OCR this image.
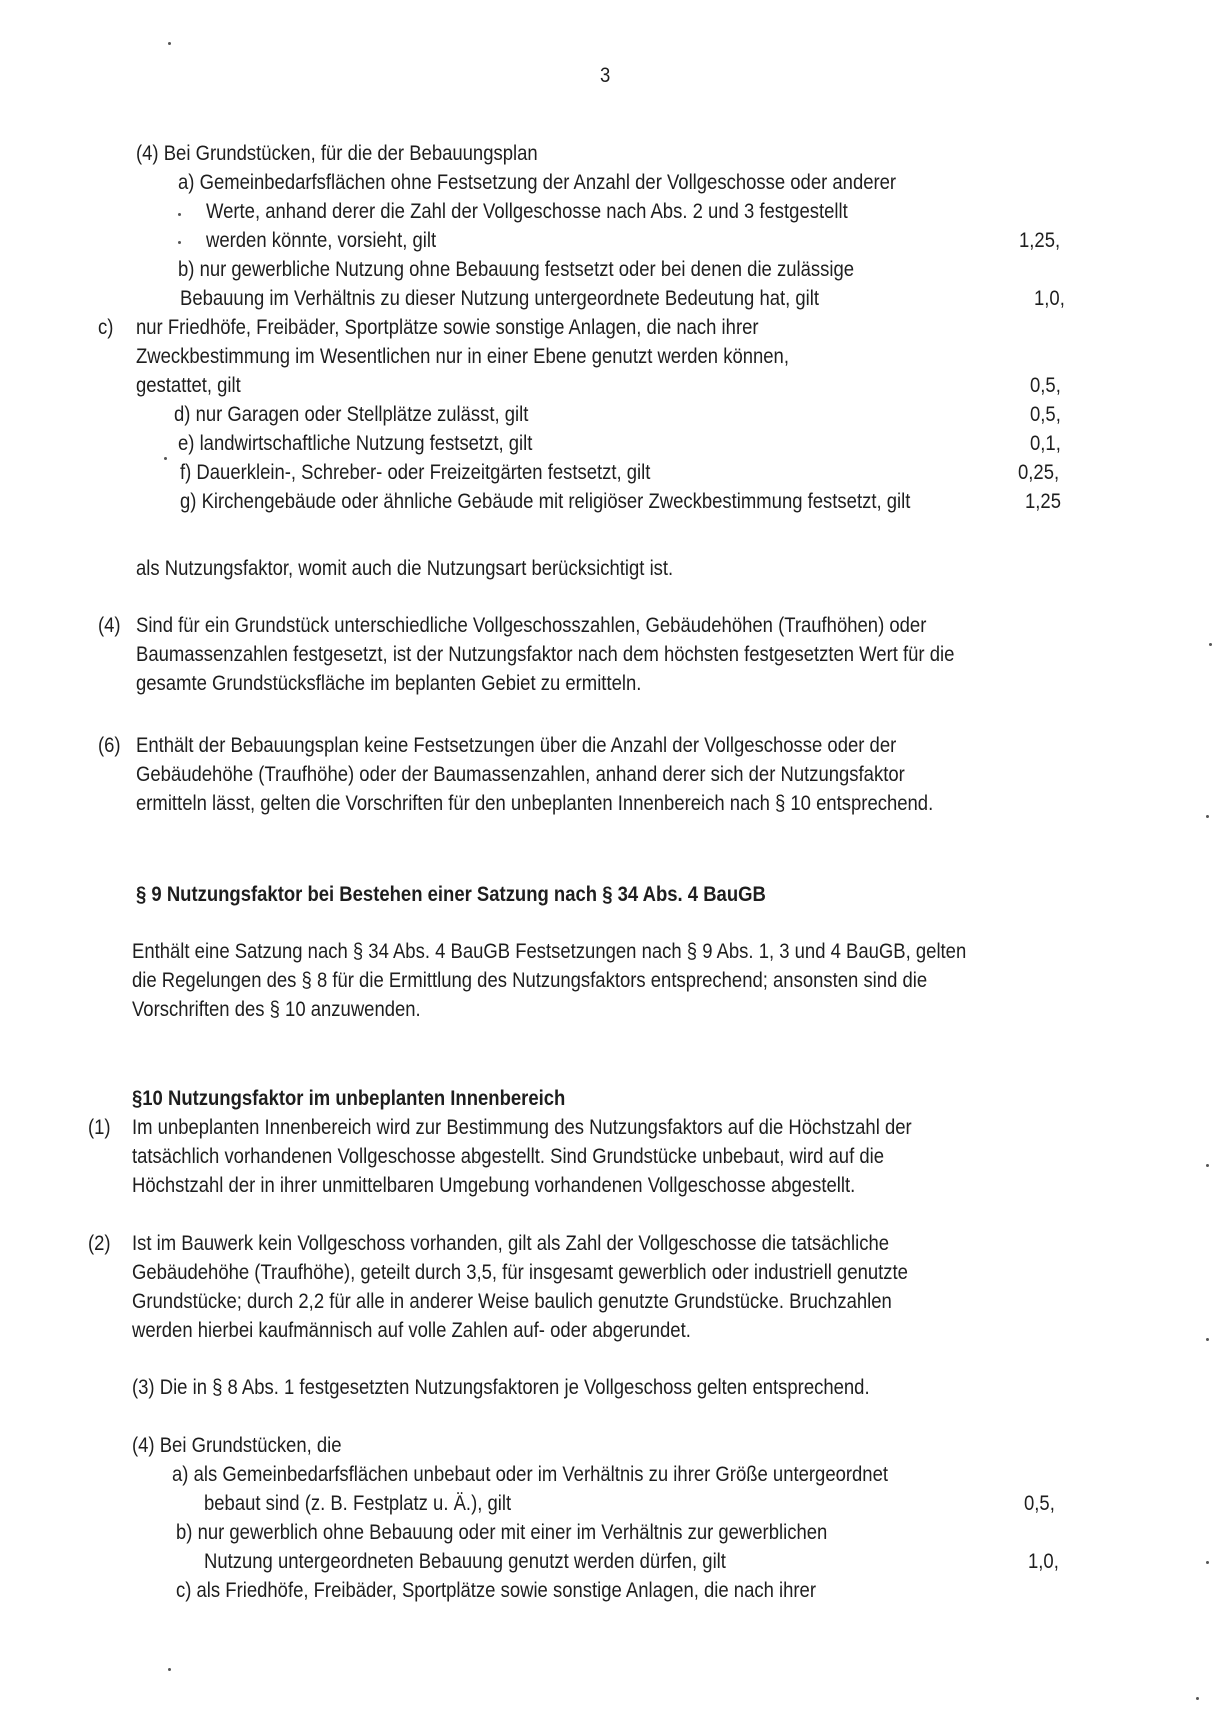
3
(4) Bei Grundstücken, für die der Bebauungsplan
a) Gemeinbedarfsflächen ohne Festsetzung der Anzahl der Vollgeschosse oder anderer
Werte, anhand derer die Zahl der Vollgeschosse nach Abs. 2 und 3 festgestellt
werden könnte, vorsieht, gilt	1,25,
b) nur gewerbliche Nutzung ohne Bebauung festsetzt oder bei denen die zulässige
Bebauung im Verhältnis zu dieser Nutzung untergeordnete Bedeutung hat, gilt	1,0,
c) nur Friedhöfe, Freibäder, Sportplätze sowie sonstige Anlagen, die nach ihrer
Zweckbestimmung im Wesentlichen nur in einer Ebene genutzt werden können,
gestattet, gilt	0,5,
d) nur Garagen oder Stellplätze zulässt, gilt	0,5,
e) landwirtschaftliche Nutzung festsetzt, gilt	0,1,
f) Dauerklein-, Schreber- oder Freizeitgärten festsetzt, gilt	0,25,
g) Kirchengebäude oder ähnliche Gebäude mit religiöser Zweckbestimmung festsetzt, gilt	1,25
als Nutzungsfaktor, womit auch die Nutzungsart berücksichtigt ist.
(4) Sind für ein Grundstück unterschiedliche Vollgeschosszahlen, Gebäudehöhen (Traufhöhen) oder
Baumassenzahlen festgesetzt, ist der Nutzungsfaktor nach dem höchsten festgesetzten Wert für die
gesamte Grundstücksfläche im beplanten Gebiet zu ermitteln.
(6) Enthält der Bebauungsplan keine Festsetzungen über die Anzahl der Vollgeschosse oder der
Gebäudehöhe (Traufhöhe) oder der Baumassenzahlen, anhand derer sich der Nutzungsfaktor
ermitteln lässt, gelten die Vorschriften für den unbeplanten Innenbereich nach § 10 entsprechend.
§ 9 Nutzungsfaktor bei Bestehen einer Satzung nach § 34 Abs. 4 BauGB
Enthält eine Satzung nach § 34 Abs. 4 BauGB Festsetzungen nach § 9 Abs. 1, 3 und 4 BauGB, gelten
die Regelungen des § 8 für die Ermittlung des Nutzungsfaktors entsprechend; ansonsten sind die
Vorschriften des § 10 anzuwenden.
§10 Nutzungsfaktor im unbeplanten Innenbereich
(1) Im unbeplanten Innenbereich wird zur Bestimmung des Nutzungsfaktors auf die Höchstzahl der
tatsächlich vorhandenen Vollgeschosse abgestellt. Sind Grundstücke unbebaut, wird auf die
Höchstzahl der in ihrer unmittelbaren Umgebung vorhandenen Vollgeschosse abgestellt.
(2) Ist im Bauwerk kein Vollgeschoss vorhanden, gilt als Zahl der Vollgeschosse die tatsächliche
Gebäudehöhe (Traufhöhe), geteilt durch 3,5, für insgesamt gewerblich oder industriell genutzte
Grundstücke; durch 2,2 für alle in anderer Weise baulich genutzte Grundstücke. Bruchzahlen
werden hierbei kaufmännisch auf volle Zahlen auf- oder abgerundet.
(3) Die in § 8 Abs. 1 festgesetzten Nutzungsfaktoren je Vollgeschoss gelten entsprechend.
(4) Bei Grundstücken, die
a) als Gemeinbedarfsflächen unbebaut oder im Verhältnis zu ihrer Größe untergeordnet
bebaut sind (z. B. Festplatz u. Ä.), gilt	0,5,
b) nur gewerblich ohne Bebauung oder mit einer im Verhältnis zur gewerblichen
Nutzung untergeordneten Bebauung genutzt werden dürfen, gilt	1,0,
c) als Friedhöfe, Freibäder, Sportplätze sowie sonstige Anlagen, die nach ihrer
